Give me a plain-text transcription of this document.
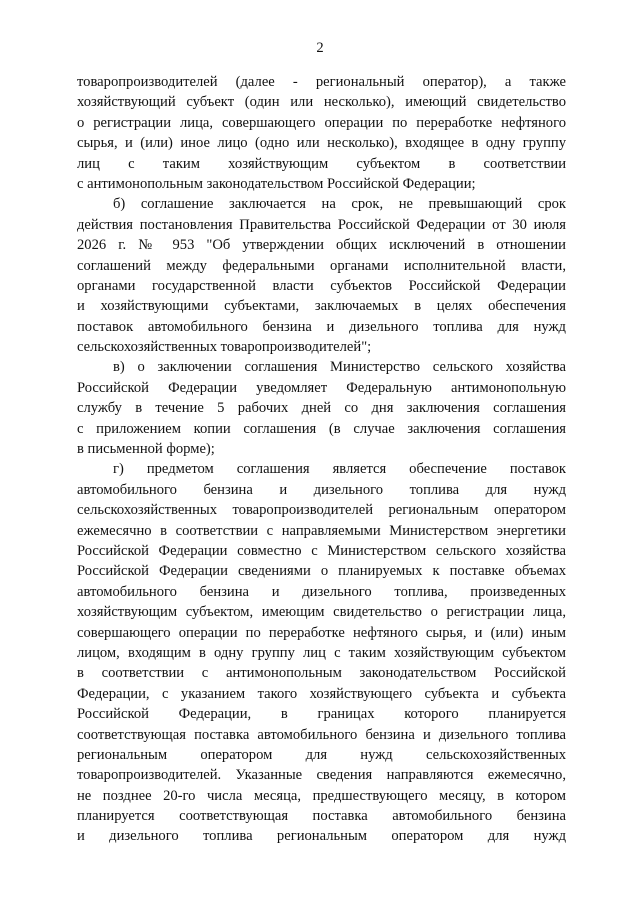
2
товаропроизводителей (далее - региональный оператор), а также
хозяйствующий субъект (один или несколько), имеющий свидетельство
о регистрации лица, совершающего операции по переработке нефтяного
сырья, и (или) иное лицо (одно или несколько), входящее в одну группу
лиц с таким хозяйствующим субъектом в соответствии
с антимонопольным законодательством Российской Федерации;
б) соглашение заключается на срок, не превышающий срок
действия постановления Правительства Российской Федерации от 30 июля
2026 г. № 953 "Об утверждении общих исключений в отношении
соглашений между федеральными органами исполнительной власти,
органами государственной власти субъектов Российской Федерации
и хозяйствующими субъектами, заключаемых в целях обеспечения
поставок автомобильного бензина и дизельного топлива для нужд
сельскохозяйственных товаропроизводителей";
в) о заключении соглашения Министерство сельского хозяйства
Российской Федерации уведомляет Федеральную антимонопольную
службу в течение 5 рабочих дней со дня заключения соглашения
с приложением копии соглашения (в случае заключения соглашения
в письменной форме);
г) предметом соглашения является обеспечение поставок
автомобильного бензина и дизельного топлива для нужд
сельскохозяйственных товаропроизводителей региональным оператором
ежемесячно в соответствии с направляемыми Министерством энергетики
Российской Федерации совместно с Министерством сельского хозяйства
Российской Федерации сведениями о планируемых к поставке объемах
автомобильного бензина и дизельного топлива, произведенных
хозяйствующим субъектом, имеющим свидетельство о регистрации лица,
совершающего операции по переработке нефтяного сырья, и (или) иным
лицом, входящим в одну группу лиц с таким хозяйствующим субъектом
в соответствии с антимонопольным законодательством Российской
Федерации, с указанием такого хозяйствующего субъекта и субъекта
Российской Федерации, в границах которого планируется
соответствующая поставка автомобильного бензина и дизельного топлива
региональным оператором для нужд сельскохозяйственных
товаропроизводителей. Указанные сведения направляются ежемесячно,
не позднее 20-го числа месяца, предшествующего месяцу, в котором
планируется соответствующая поставка автомобильного бензина
и дизельного топлива региональным оператором для нужд
